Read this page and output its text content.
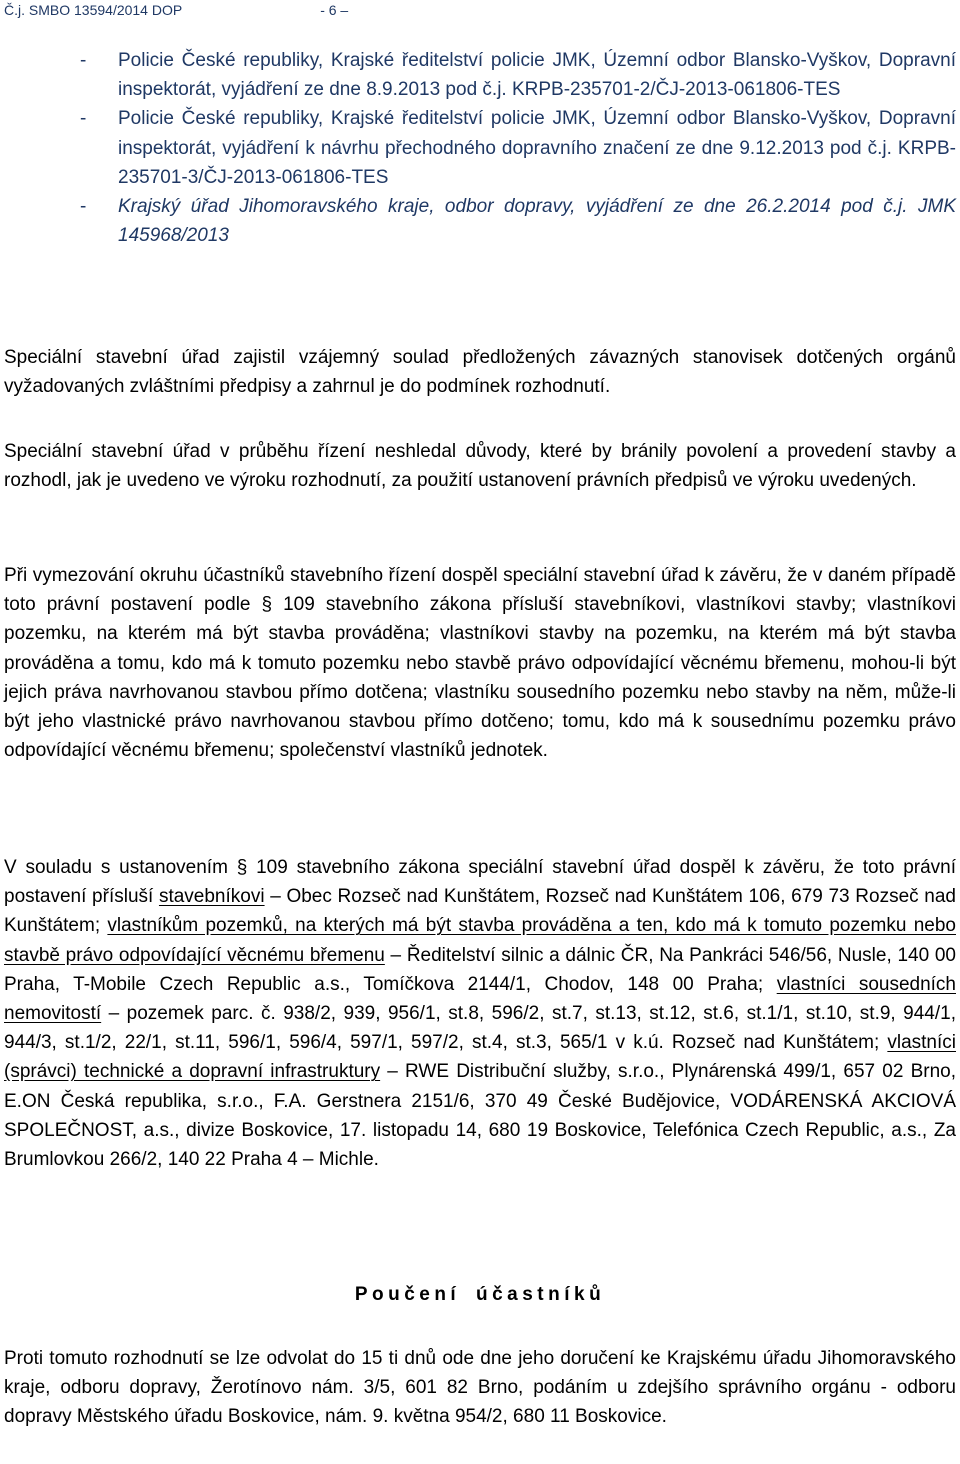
Č.j. SMBO 13594/2014 DOP	- 6 –
- Policie České republiky, Krajské ředitelství policie JMK, Územní odbor Blansko-Vyškov, Dopravní inspektorát, vyjádření ze dne 8.9.2013 pod č.j. KRPB-235701-2/ČJ-2013-061806-TES
- Policie České republiky, Krajské ředitelství policie JMK, Územní odbor Blansko-Vyškov, Dopravní inspektorát, vyjádření k návrhu přechodného dopravního značení ze dne 9.12.2013 pod č.j. KRPB-235701-3/ČJ-2013-061806-TES
- Krajský úřad Jihomoravského kraje, odbor dopravy, vyjádření ze dne 26.2.2014 pod č.j. JMK 145968/2013
Speciální stavební úřad zajistil vzájemný soulad předložených závazných stanovisek dotčených orgánů vyžadovaných zvláštními předpisy a zahrnul je do podmínek rozhodnutí.
Speciální stavební úřad v průběhu řízení neshledal důvody, které by bránily povolení a provedení stavby a rozhodl, jak je uvedeno ve výroku rozhodnutí, za použití ustanovení právních předpisů ve výroku uvedených.
Při vymezování okruhu účastníků stavebního řízení dospěl speciální stavební úřad k závěru, že v daném případě toto právní postavení podle § 109 stavebního zákona přísluší stavebníkovi, vlastníkovi stavby; vlastníkovi pozemku, na kterém má být stavba prováděna; vlastníkovi stavby na pozemku, na kterém má být stavba prováděna a tomu, kdo má k tomuto pozemku nebo stavbě právo odpovídající věcnému břemenu, mohou-li být jejich práva navrhovanou stavbou přímo dotčena; vlastníku sousedního pozemku nebo stavby na něm, může-li být jeho vlastnické právo navrhovanou stavbou přímo dotčeno; tomu, kdo má k sousednímu pozemku právo odpovídající věcnému břemenu; společenství vlastníků jednotek.
V souladu s ustanovením § 109 stavebního zákona speciální stavební úřad dospěl k závěru, že toto právní postavení přísluší stavebníkovi – Obec Rozseč nad Kunštátem, Rozseč nad Kunštátem 106, 679 73 Rozseč nad Kunštátem; vlastníkům pozemků, na kterých má být stavba prováděna a ten, kdo má k tomuto pozemku nebo stavbě právo odpovídající věcnému břemenu – Ředitelství silnic a dálnic ČR, Na Pankráci 546/56, Nusle, 140 00 Praha, T-Mobile Czech Republic a.s., Tomíčkova 2144/1, Chodov, 148 00 Praha; vlastníci sousedních nemovitostí – pozemek parc. č. 938/2, 939, 956/1, st.8, 596/2, st.7, st.13, st.12, st.6, st.1/1, st.10, st.9, 944/1, 944/3, st.1/2, 22/1, st.11, 596/1, 596/4, 597/1, 597/2, st.4, st.3, 565/1 v k.ú. Rozseč nad Kunštátem; vlastníci (správci) technické a dopravní infrastruktury – RWE Distribuční služby, s.r.o., Plynárenská 499/1, 657 02 Brno, E.ON Česká republika, s.r.o., F.A. Gerstnera 2151/6, 370 49 České Budějovice, VODÁRENSKÁ AKCIOVÁ SPOLEČNOST, a.s., divize Boskovice, 17. listopadu 14, 680 19 Boskovice, Telefónica Czech Republic, a.s., Za Brumlovkou 266/2, 140 22 Praha 4 – Michle.
Poučení účastníků
Proti tomuto rozhodnutí se lze odvolat do 15 ti dnů ode dne jeho doručení ke Krajskému úřadu Jihomoravského kraje, odboru dopravy, Žerotínovo nám. 3/5, 601 82 Brno, podáním u zdejšího správního orgánu - odboru dopravy Městského úřadu Boskovice, nám. 9. května 954/2, 680 11 Boskovice.
